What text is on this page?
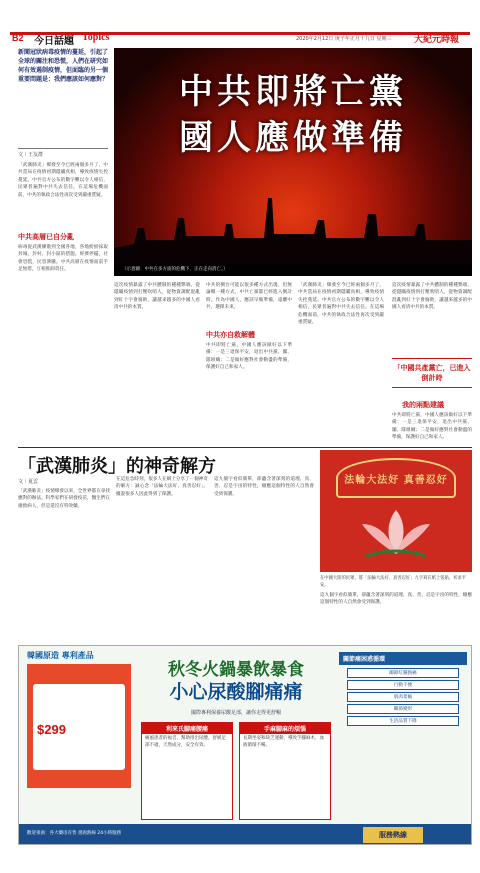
B2 今日話題 Topics	2020年2月12日 庚子年正月十九日 星期三	大紀元時報
新聞冠狀病毒疫情的蔓延，引起了全球的關注和恐慌，人們在研究如何有效遏制疫情，但面臨的另一個重要問題是：我們應該如何應對？
文｜王友群
「武漢肺炎」爆發至今已經兩個多月了，中共當局在疫情初期隱瞞真相，導致疫情失控蔓延。中共官方公布的數字難以令人相信，民眾普遍對中共失去信任。在這場危機面前，中共的執政合法性再次受到嚴重質疑。
中共高層已自分亂
病毒從武漢擴散到全國各地，各地紛紛採取封城、封村、封小區的措施。經濟停擺，社會恐慌，民怨沸騰。中共高層在疫情面前手足無措，互相推卸責任。
中共即將亡黨
國人應做準備
（示意圖：中共在多方面的危機下，正在走向消亡。）
這次疫情暴露了中共體制的種種弊端，從隱瞞疫情到打壓吹哨人，從物資調配混亂到紅十字會腐敗，讓越來越多的中國人看清中共的本質。
中共亦自救解體
中共的倒台可能以很多種方式出現，但無論哪一種方式，中共亡黨都已經進入倒計時。作為中國人，應該早做準備，遠離中共，選擇未來。
中共即將亡黨，中國人應該做好以下準備：一是三退保平安，退出中共黨、團、隊組織；二是做好應對社會動盪的準備，保護好自己和家人。
「武漢肺炎」爆發至今已經兩個多月了，中共當局在疫情初期隱瞞真相，導致疫情失控蔓延。中共官方公布的數字難以令人相信，民眾普遍對中共失去信任。在這場危機面前，中共的執政合法性再次受到嚴重質疑。
這次疫情暴露了中共體制的種種弊端，從隱瞞疫情到打壓吹哨人，從物資調配混亂到紅十字會腐敗，讓越來越多的中國人看清中共的本質。
「中國共產黨亡，已進入倒計時
我的兩點建議
中共即將亡黨，中國人應該做好以下準備：一是三退保平安，退出中共黨、團、隊組織；二是做好應對社會動盪的準備，保護好自己和家人。
「武漢肺炎」的神奇解方
文｜夏雲
「武漢肺炎」疫情爆發以來，全世界都在尋找應對的辦法。科學家們在研發疫苗，醫生們在搶救病人，但是還沒有特效藥。
在這危急時刻，很多人在網上分享了一個神奇的解方：誠心念「法輪大法好、真善忍好」。據說很多人因此得到了保護。
這九個字看似簡單，卻蘊含著深刻的道理。真、善、忍是宇宙的特性，順應這個特性的人自然會受到保護。
法輪大法好 真善忍好
在中國大陸的民眾，將「法輪大法好、真善忍好」九字寫在紙上張貼，祈求平安。
這九個字看似簡單，卻蘊含著深刻的道理。真、善、忍是宇宙的特性，順應這個特性的人自然會受到保護。
韓國原造 專利產品
$299
秋冬火鍋暴飲暴食
小心尿酸腳痛痛
國際專利保養尿酸足部，讓你走得更舒暢
利來氏腳痛腰痛
痛風患者的福音，幫助排出尿酸，舒緩足部不適，天然成分，安全有效。
手麻腳麻的煩惱
長期坐姿和缺乏運動，導致手腳麻木，血液循環不暢。
關節痛困惑循環
關節紅腫熱痛
行動不便
肌肉萎縮
關節變形
生活品質下降
歡迎垂詢：各大藥房有售 諮詢熱線 24小時服務	服務熱線
